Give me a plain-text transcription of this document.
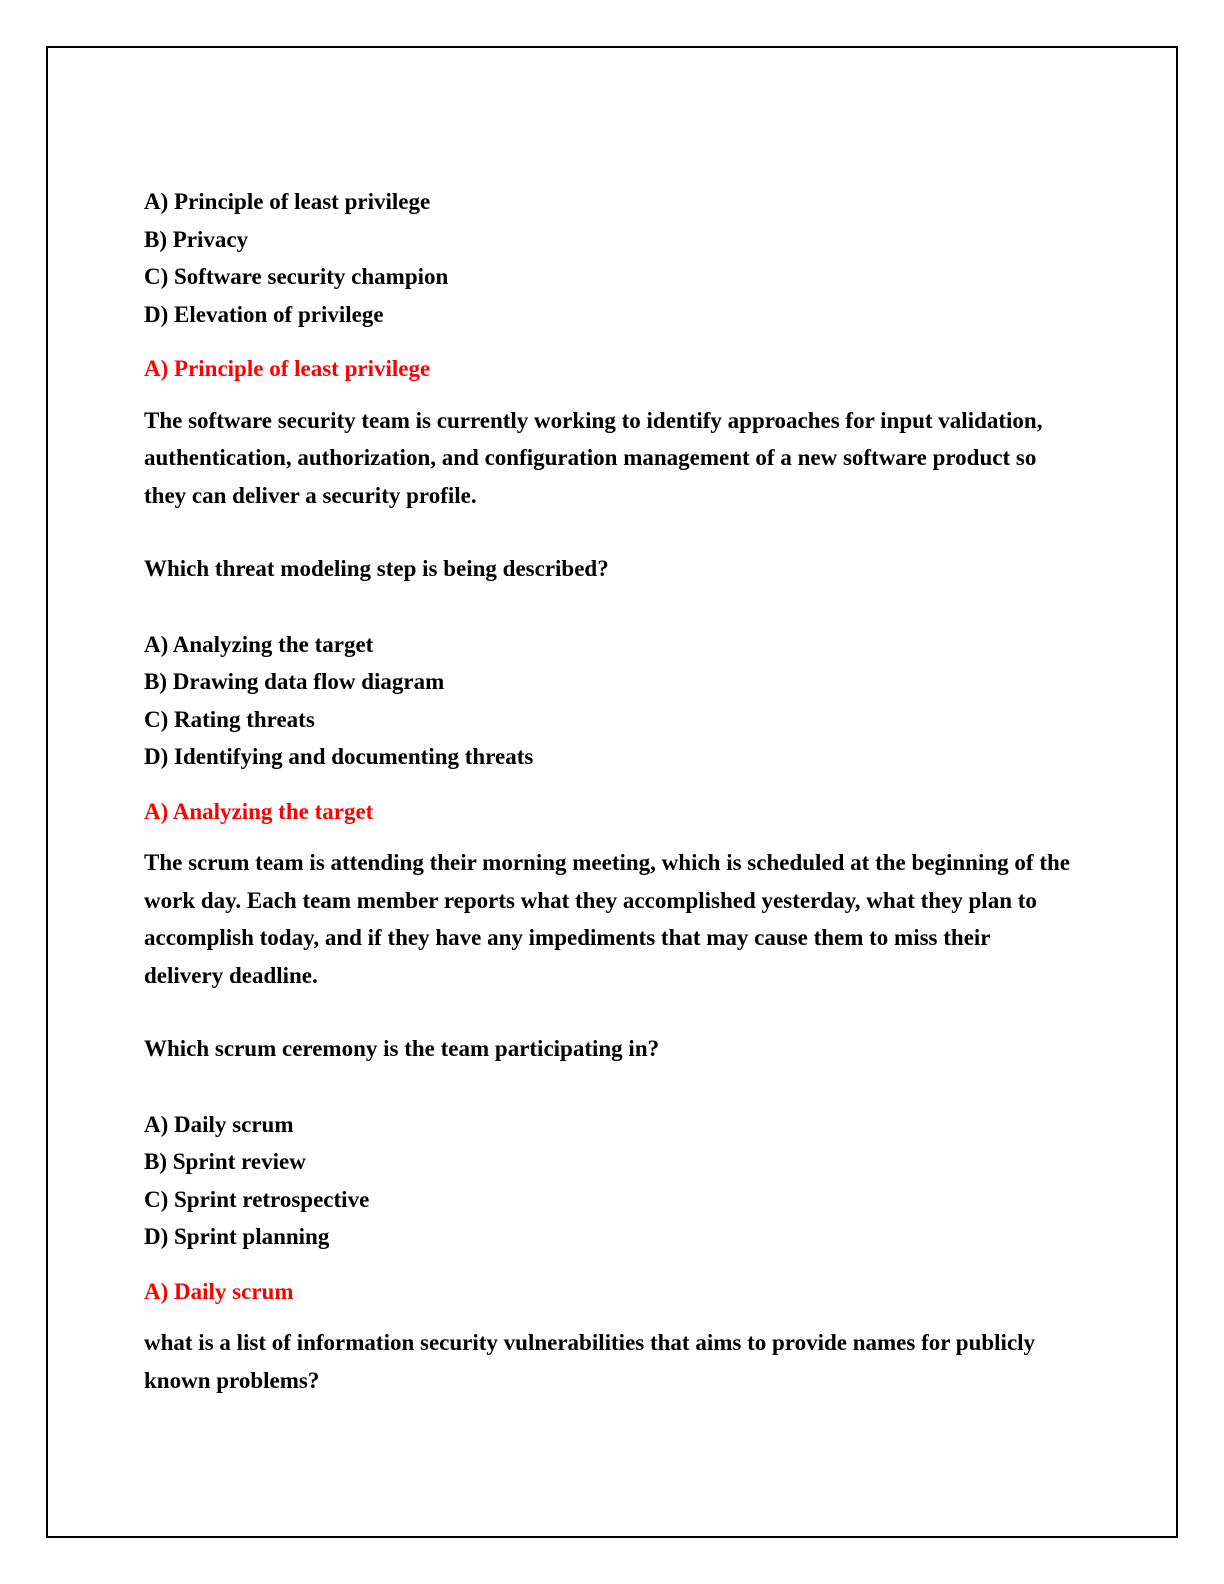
A) Principle of least privilege
B) Privacy
C) Software security champion
D) Elevation of privilege
A) Principle of least privilege
The software security team is currently working to identify approaches for input validation, authentication, authorization, and configuration management of a new software product so they can deliver a security profile.
Which threat modeling step is being described?
A) Analyzing the target
B) Drawing data flow diagram
C) Rating threats
D) Identifying and documenting threats
A) Analyzing the target
The scrum team is attending their morning meeting, which is scheduled at the beginning of the work day. Each team member reports what they accomplished yesterday, what they plan to accomplish today, and if they have any impediments that may cause them to miss their delivery deadline.
Which scrum ceremony is the team participating in?
A) Daily scrum
B) Sprint review
C) Sprint retrospective
D) Sprint planning
A) Daily scrum
what is a list of information security vulnerabilities that aims to provide names for publicly known problems?
